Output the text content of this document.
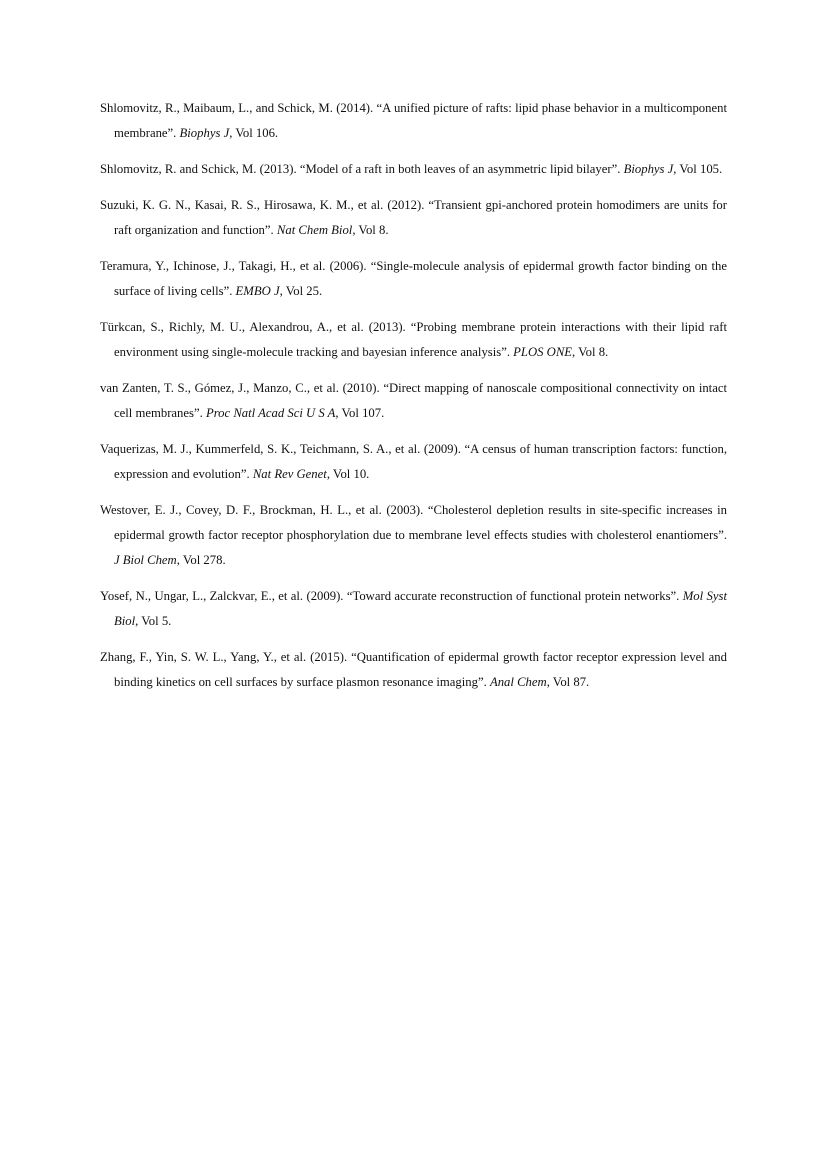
Shlomovitz, R., Maibaum, L., and Schick, M. (2014). “A unified picture of rafts: lipid phase behavior in a multicomponent membrane”. Biophys J, Vol 106.

Shlomovitz, R. and Schick, M. (2013). “Model of a raft in both leaves of an asymmetric lipid bilayer”. Biophys J, Vol 105.

Suzuki, K. G. N., Kasai, R. S., Hirosawa, K. M., et al. (2012). “Transient gpi-anchored protein homodimers are units for raft organization and function”. Nat Chem Biol, Vol 8.

Teramura, Y., Ichinose, J., Takagi, H., et al. (2006). “Single-molecule analysis of epidermal growth factor binding on the surface of living cells”. EMBO J, Vol 25.

Türkcan, S., Richly, M. U., Alexandrou, A., et al. (2013). “Probing membrane protein interactions with their lipid raft environment using single-molecule tracking and bayesian inference analysis”. PLOS ONE, Vol 8.

van Zanten, T. S., Gómez, J., Manzo, C., et al. (2010). “Direct mapping of nanoscale compositional connectivity on intact cell membranes”. Proc Natl Acad Sci U S A, Vol 107.

Vaquerizas, M. J., Kummerfeld, S. K., Teichmann, S. A., et al. (2009). “A census of human transcription factors: function, expression and evolution”. Nat Rev Genet, Vol 10.

Westover, E. J., Covey, D. F., Brockman, H. L., et al. (2003). “Cholesterol depletion results in site-specific increases in epidermal growth factor receptor phosphorylation due to membrane level effects studies with cholesterol enantiomers”. J Biol Chem, Vol 278.

Yosef, N., Ungar, L., Zalckvar, E., et al. (2009). “Toward accurate reconstruction of functional protein networks”. Mol Syst Biol, Vol 5.

Zhang, F., Yin, S. W. L., Yang, Y., et al. (2015). “Quantification of epidermal growth factor receptor expression level and binding kinetics on cell surfaces by surface plasmon resonance imaging”. Anal Chem, Vol 87.
